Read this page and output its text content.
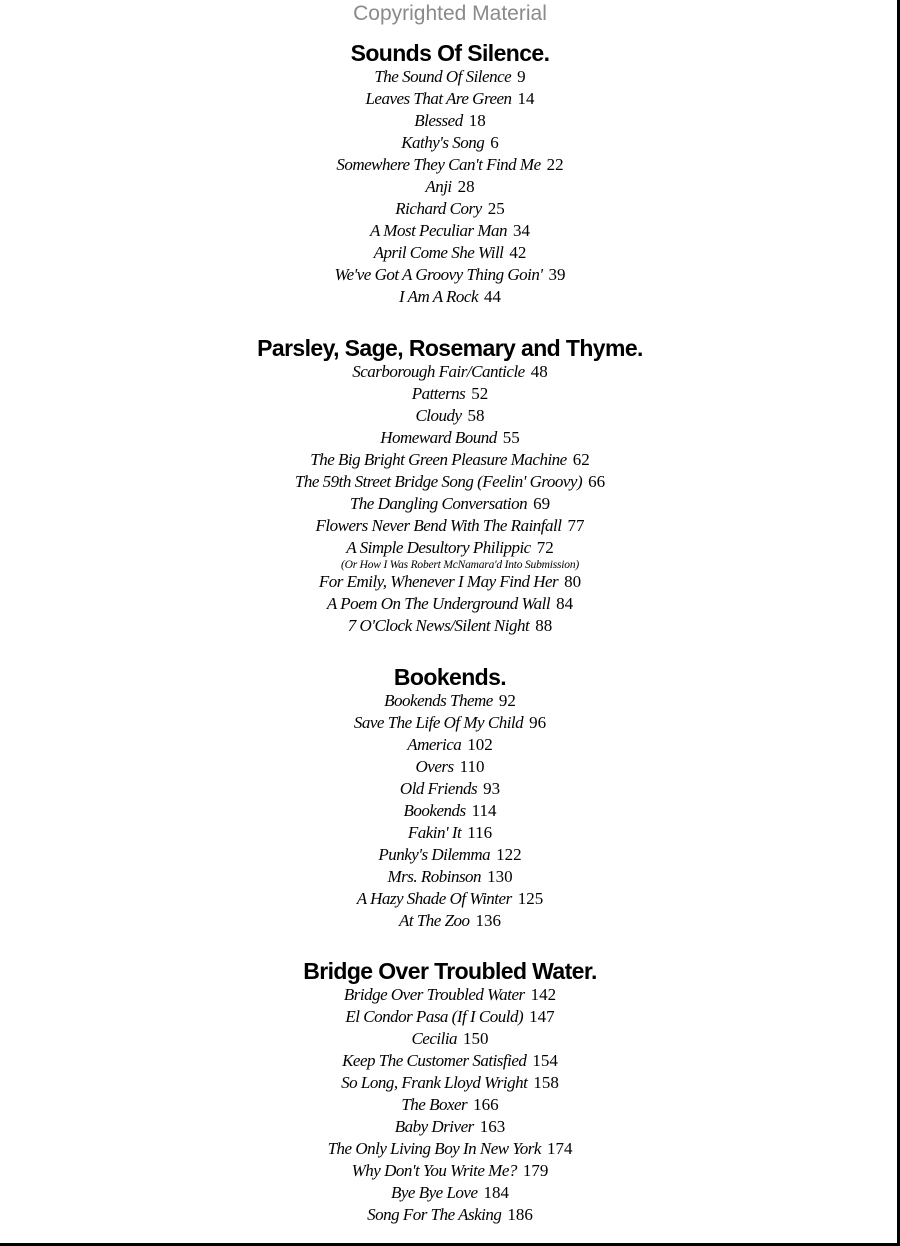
Copyrighted Material
Sounds Of Silence.
The Sound Of Silence 9
Leaves That Are Green 14
Blessed 18
Kathy's Song 6
Somewhere They Can't Find Me 22
Anji 28
Richard Cory 25
A Most Peculiar Man 34
April Come She Will 42
We've Got A Groovy Thing Goin' 39
I Am A Rock 44
Parsley, Sage, Rosemary and Thyme.
Scarborough Fair/Canticle 48
Patterns 52
Cloudy 58
Homeward Bound 55
The Big Bright Green Pleasure Machine 62
The 59th Street Bridge Song (Feelin' Groovy) 66
The Dangling Conversation 69
Flowers Never Bend With The Rainfall 77
A Simple Desultory Philippic 72
(Or How I Was Robert McNamara'd Into Submission)
For Emily, Whenever I May Find Her 80
A Poem On The Underground Wall 84
7 O'Clock News/Silent Night 88
Bookends.
Bookends Theme 92
Save The Life Of My Child 96
America 102
Overs 110
Old Friends 93
Bookends 114
Fakin' It 116
Punky's Dilemma 122
Mrs. Robinson 130
A Hazy Shade Of Winter 125
At The Zoo 136
Bridge Over Troubled Water.
Bridge Over Troubled Water 142
El Condor Pasa (If I Could) 147
Cecilia 150
Keep The Customer Satisfied 154
So Long, Frank Lloyd Wright 158
The Boxer 166
Baby Driver 163
The Only Living Boy In New York 174
Why Don't You Write Me? 179
Bye Bye Love 184
Song For The Asking 186
